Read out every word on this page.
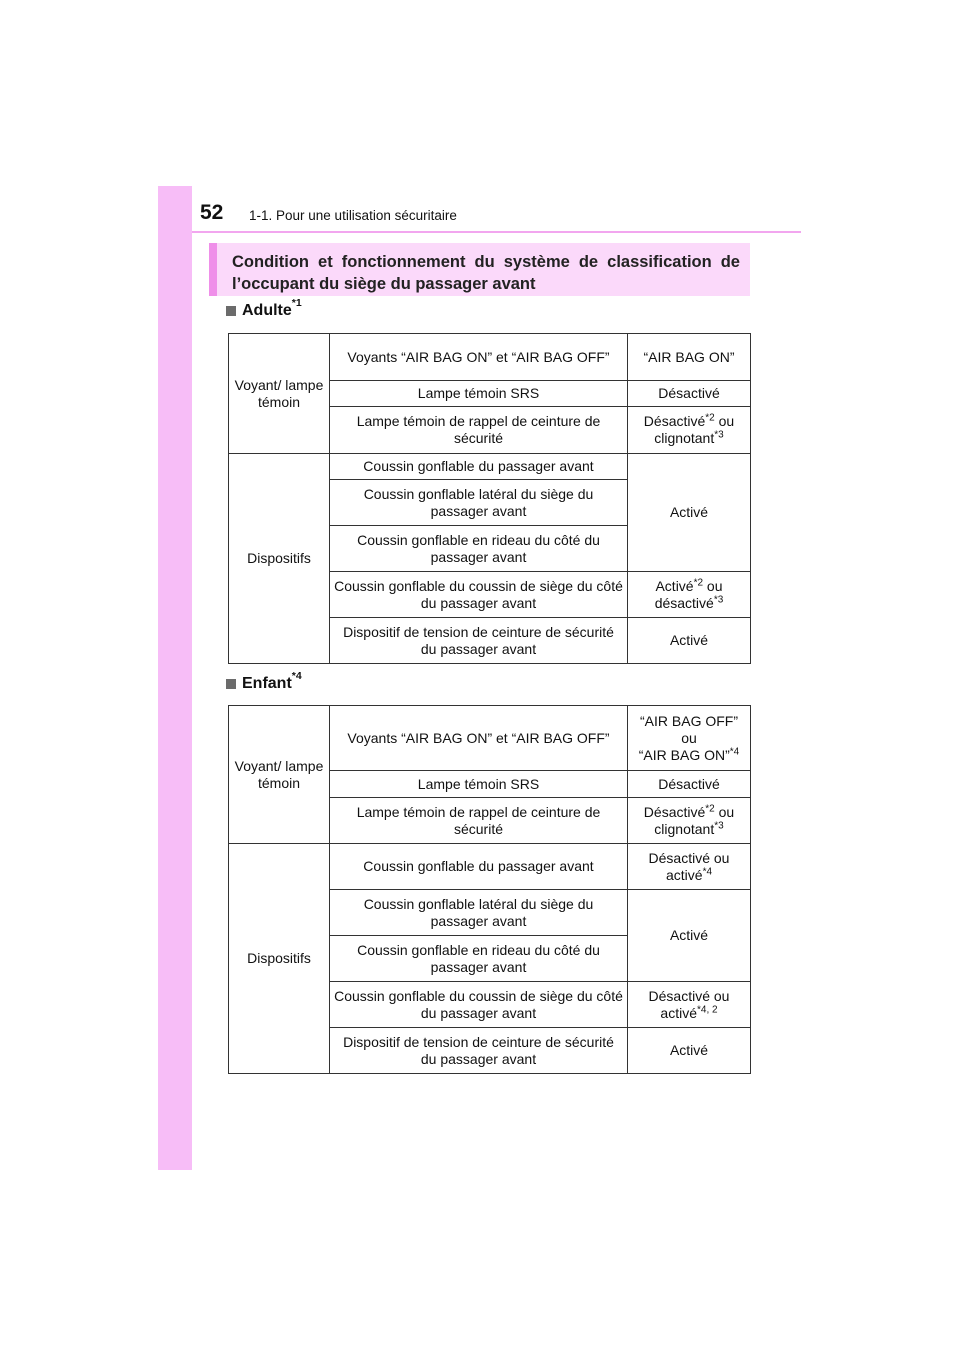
52 1-1. Pour une utilisation sécuritaire
Condition et fonctionnement du système de classification de l’occupant du siège du passager avant
Adulte$^{*1}$
Voyant/ lampe témoin	Voyants “AIR BAG ON” et “AIR BAG OFF”	“AIR BAG ON”
	Lampe témoin SRS	Désactivé
	Lampe témoin de rappel de ceinture de sécurité	Désactivé$^{*2}$ ou
clignotant$^{*3}$
Dispositifs	Coussin gonflable du passager avant	Activé
	Coussin gonflable latéral du siège du passager avant	
	Coussin gonflable en rideau du côté du passager avant	
	Coussin gonflable du coussin de siège du côté du passager avant	Activé$^{*2}$ ou
désactivé$^{*3}$
	Dispositif de tension de ceinture de sécurité du passager avant	Activé
Enfant$^{*4}$
Voyant/ lampe témoin	Voyants “AIR BAG ON” et “AIR BAG OFF”	“AIR BAG OFF”
ou
“AIR BAG ON”$^{*4}$
	Lampe témoin SRS	Désactivé
	Lampe témoin de rappel de ceinture de sécurité	Désactivé$^{*2}$ ou
clignotant$^{*3}$
Dispositifs	Coussin gonflable du passager avant	Désactivé ou
activé$^{*4}$
	Coussin gonflable latéral du siège du passager avant	Activé
	Coussin gonflable en rideau du côté du passager avant	
	Coussin gonflable du coussin de siège du côté du passager avant	Désactivé ou
activé$^{*4, 2}$
	Dispositif de tension de ceinture de sécurité du passager avant	Activé
